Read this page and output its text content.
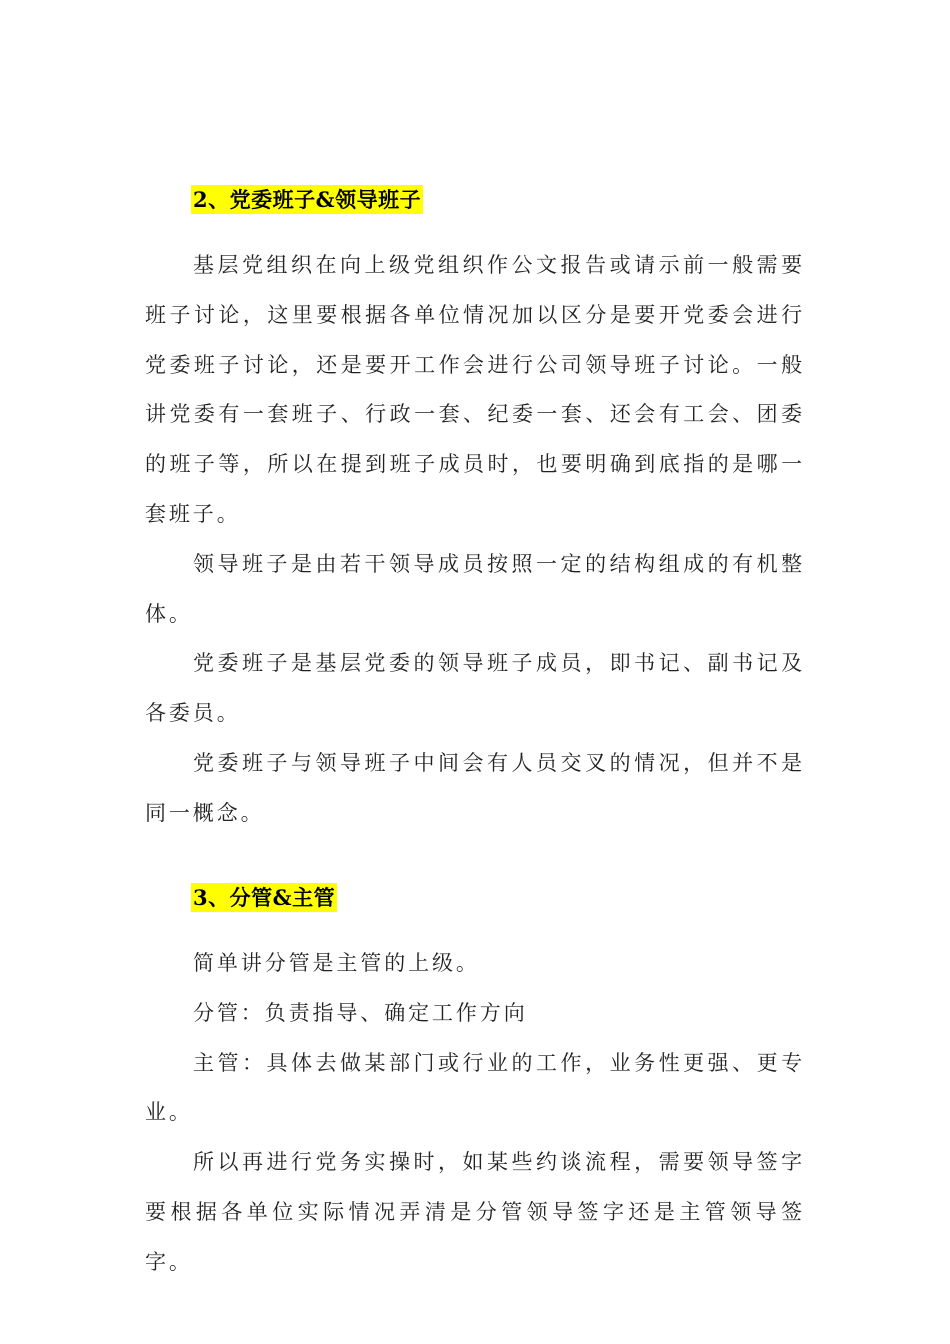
2、党委班子&领导班子

基层党组织在向上级党组织作公文报告或请示前一般需要班子讨论，这里要根据各单位情况加以区分是要开党委会进行党委班子讨论，还是要开工作会进行公司领导班子讨论。一般讲党委有一套班子、行政一套、纪委一套、还会有工会、团委的班子等，所以在提到班子成员时，也要明确到底指的是哪一套班子。

领导班子是由若干领导成员按照一定的结构组成的有机整体。

党委班子是基层党委的领导班子成员，即书记、副书记及各委员。

党委班子与领导班子中间会有人员交叉的情况，但并不是同一概念。

3、分管&主管

简单讲分管是主管的上级。

分管：负责指导、确定工作方向

主管：具体去做某部门或行业的工作，业务性更强、更专业。

所以再进行党务实操时，如某些约谈流程，需要领导签字要根据各单位实际情况弄清是分管领导签字还是主管领导签字。
